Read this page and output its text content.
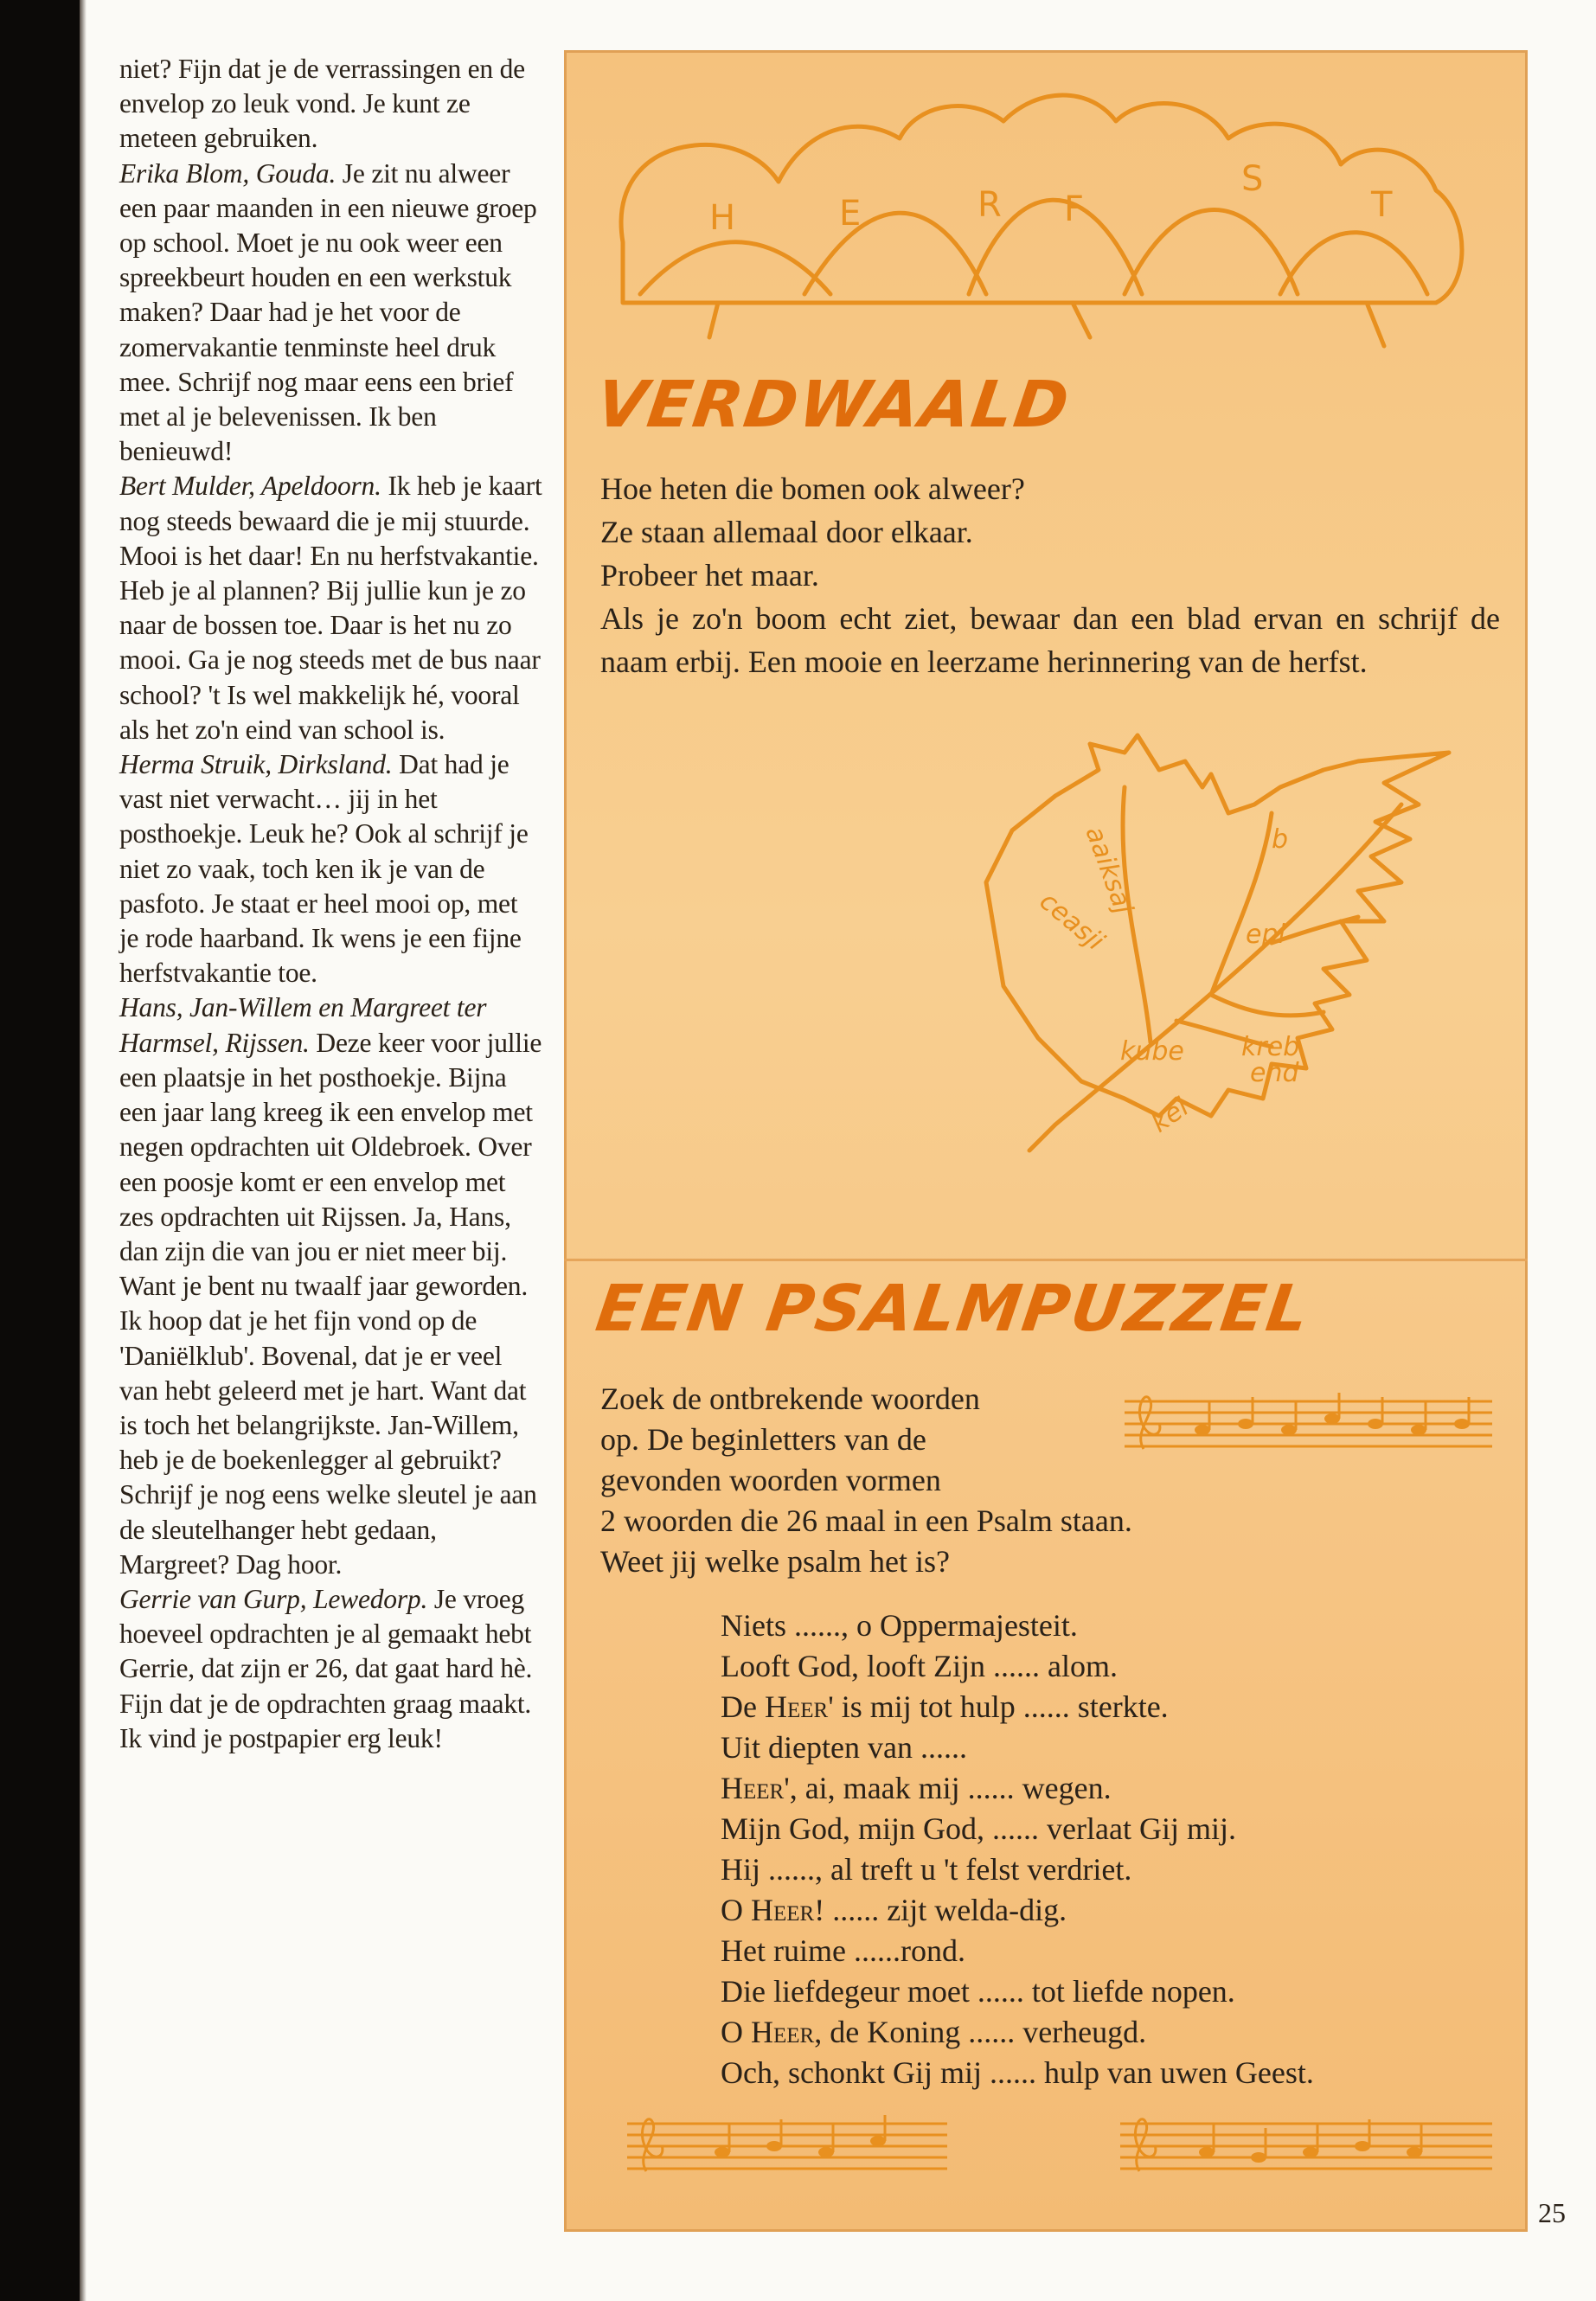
niet? Fijn dat je de verrassingen en de envelop zo leuk vond. Je kunt ze meteen gebruiken.

Erika Blom, Gouda. Je zit nu alweer een paar maanden in een nieuwe groep op school. Moet je nu ook weer een spreekbeurt houden en een werkstuk maken? Daar had je het voor de zomervakantie tenminste heel druk mee. Schrijf nog maar eens een brief met al je belevenissen. Ik ben benieuwd!

Bert Mulder, Apeldoorn. Ik heb je kaart nog steeds bewaard die je mij stuurde. Mooi is het daar! En nu herfstvakantie. Heb je al plannen? Bij jullie kun je zo naar de bossen toe. Daar is het nu zo mooi. Ga je nog steeds met de bus naar school? 't Is wel makkelijk hé, vooral als het zo'n eind van school is.

Herma Struik, Dirksland. Dat had je vast niet verwacht… jij in het posthoekje. Leuk he? Ook al schrijf je niet zo vaak, toch ken ik je van de pasfoto. Je staat er heel mooi op, met je rode haarband. Ik wens je een fijne herfstvakantie toe.

Hans, Jan-Willem en Margreet ter Harmsel, Rijssen. Deze keer voor jullie een plaatsje in het posthoekje. Bijna een jaar lang kreeg ik een envelop met negen opdrachten uit Oldebroek. Over een poosje komt er een envelop met zes opdrachten uit Rijssen. Ja, Hans, dan zijn die van jou er niet meer bij. Want je bent nu twaalf jaar geworden. Ik hoop dat je het fijn vond op de 'Daniëlklub'. Bovenal, dat je er veel van hebt geleerd met je hart. Want dat is toch het belangrijkste. Jan-Willem, heb je de boekenlegger al gebruikt? Schrijf je nog eens welke sleutel je aan de sleutelhanger hebt gedaan, Margreet? Dag hoor.

Gerrie van Gurp, Lewedorp. Je vroeg hoeveel opdrachten je al gemaakt hebt Gerrie, dat zijn er 26, dat gaat hard hè. Fijn dat je de opdrachten graag maakt. Ik vind je postpapier erg leuk!

H	E	R F
S
T
VERDWAALD

Hoe heten die bomen ook alweer?

Ze staan allemaal door elkaar.

Probeer het maar.

Als je zo'n boom echt ziet, bewaar dan een blad ervan en schrijf de naam erbij. Een mooie en leerzame herinnering van de herfst.

aaiksaj
ceasji
b
epi
kube kreb
end
kei
EEN PSALMPUZZEL

Zoek de ontbrekende woorden

op. De beginletters van de

gevonden woorden vormen

2 woorden die 26 maal in een Psalm staan.

Weet jij welke psalm het is?

Niets ......, o Oppermajesteit.

Looft God, looft Zijn ...... alom.

De Heer' is mij tot hulp ...... sterkte.

Uit diepten van ......

Heer', ai, maak mij ...... wegen.

Mijn God, mijn God, ...... verlaat Gij mij.

Hij ......, al treft u 't felst verdriet.

O Heer! ...... zijt welda-dig.

Het ruime ......rond.

Die liefdegeur moet ...... tot liefde nopen.

O Heer, de Koning ...... verheugd.

Och, schonkt Gij mij ...... hulp van uwen Geest.

25
